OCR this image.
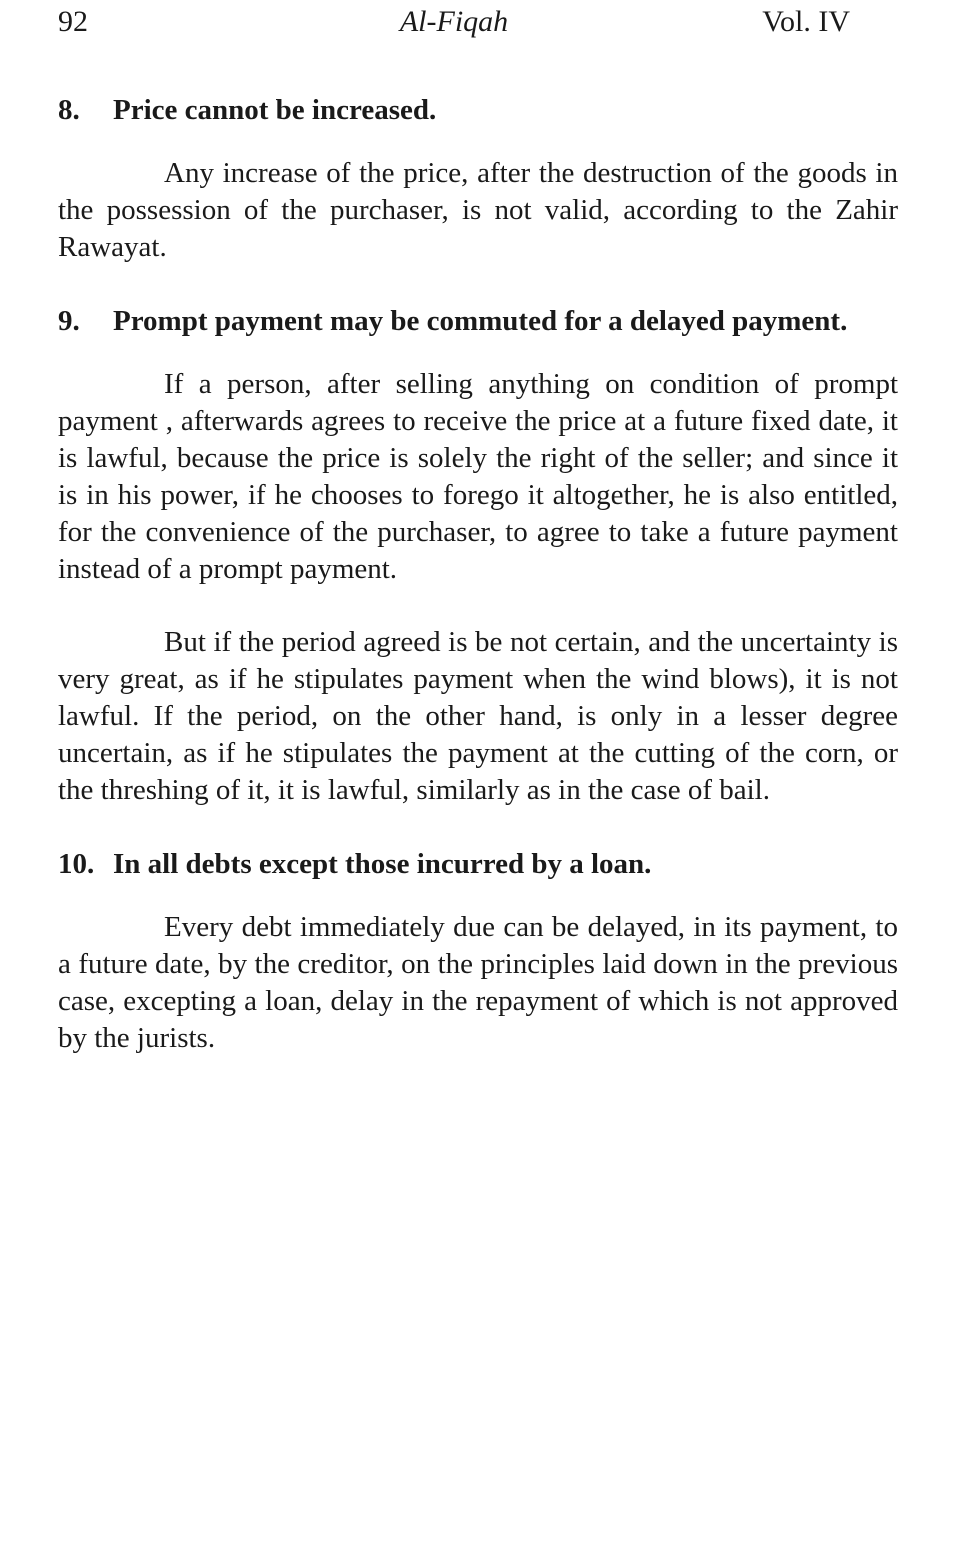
Al-Fiqah
92	Vol. IV
8.	Price cannot be increased.

Any increase of the price, after the destruction of the goods in the possession of the purchaser, is not valid, according to the Zahir Rawayat.

9.	Prompt payment may be commuted for a delayed payment.

If a person, after selling anything on condition of prompt payment , afterwards agrees to receive the price at a future fixed date, it is lawful, because the price is solely the right of the seller; and since it is in his power, if he chooses to forego it altogether, he is also entitled, for the convenience of the purchaser, to agree to take a future payment instead of a prompt payment.

But if the period agreed is be not certain, and the uncertainty is very great, as if he stipulates payment when the wind blows), it is not lawful. If the period, on the other hand, is only in a lesser degree uncertain, as if he stipulates the payment at the cutting of the corn, or the threshing of it, it is lawful, similarly as in the case of bail.

10. In all debts except those incurred by a loan.

Every debt immediately due can be delayed, in its payment, to a future date, by the creditor, on the principles laid down in the previous case, excepting a loan, delay in the repayment of which is not approved by the jurists.
